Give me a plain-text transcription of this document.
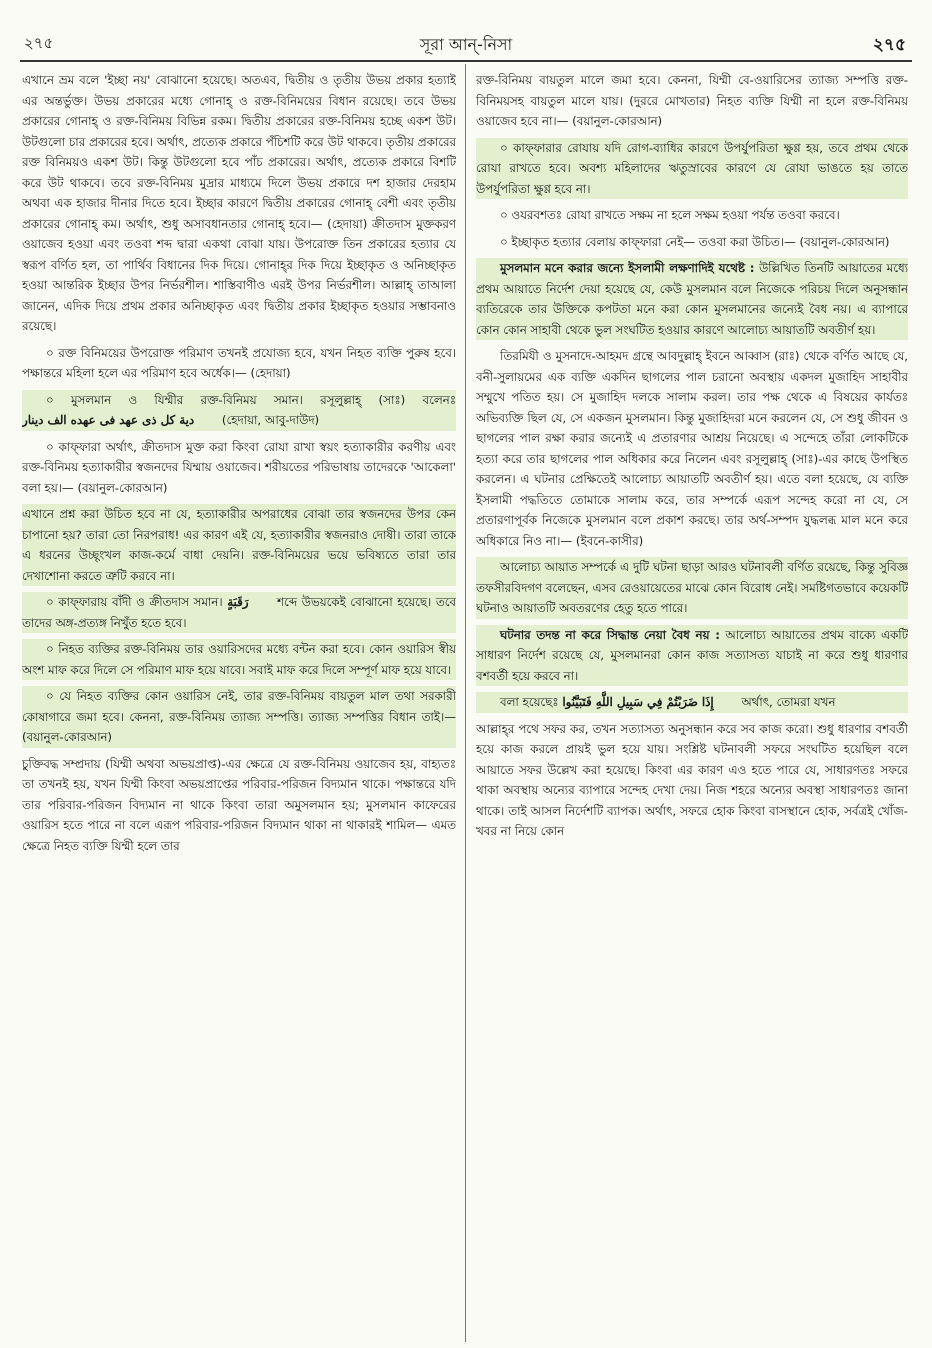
২৭৫	সূরা আন্‌-নিসা	২৭৫

এখানে ভ্রম বলে 'ইচ্ছা নয়' বোঝানো হয়েছে। অতএব, দ্বিতীয় ও তৃতীয় উভয় প্রকার হত্যাই এর অন্তর্ভুক্ত। উভয় প্রকারের মধ্যে গোনাহ্‌ ও রক্ত-বিনিময়ের বিধান রয়েছে। তবে উভয় প্রকারের গোনাহ্‌ ও রক্ত-বিনিময় বিভিন্ন রকম। দ্বিতীয় প্রকারের রক্ত-বিনিময় হচ্ছে একশ উট। উটগুলো চার প্রকারের হবে। অর্থাৎ, প্রত্যেক প্রকারে পঁচিশটি করে উট থাকবে। তৃতীয় প্রকারের রক্ত বিনিময়ও একশ উট। কিন্তু উটগুলো হবে পাঁচ প্রকারের। অর্থাৎ, প্রত্যেক প্রকারে বিশটি করে উট থাকবে। তবে রক্ত-বিনিময় মুদ্রার মাধ্যমে দিলে উভয় প্রকারে দশ হাজার দেরহাম অথবা এক হাজার দীনার দিতে হবে। ইচ্ছার কারণে দ্বিতীয় প্রকারের গোনাহ্‌ বেশী এবং তৃতীয় প্রকারের গোনাহ্‌ কম। অর্থাৎ, শুধু অসাবধানতার গোনাহ্‌ হবে।— (হেদায়া) ক্রীতদাস মুক্তকরণ ওয়াজেব হওয়া এবং তওবা শব্দ দ্বারা একথা বোঝা যায়। উপরোক্ত তিন প্রকারের হত্যার যে স্বরূপ বর্ণিত হল, তা পার্থিব বিধানের দিক দিয়ে। গোনাহ্‌র দিক দিয়ে ইচ্ছাকৃত ও অনিচ্ছাকৃত হওয়া আন্তরিক ইচ্ছার উপর নির্ভরশীল। শাস্তিবাণীও এরই উপর নির্ভরশীল। আল্লাহ্‌ তাআলা জানেন, এদিক দিয়ে প্রথম প্রকার অনিচ্ছাকৃত এবং দ্বিতীয় প্রকার ইচ্ছাকৃত হওয়ার সম্ভাবনাও রয়েছে।

০ রক্ত বিনিময়ের উপরোক্ত পরিমাণ তখনই প্রযোজ্য হবে, যখন নিহত ব্যক্তি পুরুষ হবে। পক্ষান্তরে মহিলা হলে এর পরিমাণ হবে অর্ধেক।— (হেদায়া)

০ মুসলমান ও যিম্মীর রক্ত-বিনিময় সমান। রসূলুল্লাহ্‌ (সাঃ) বলেনঃ دية كل ذى عهد فى عهده الف دينار (হেদায়া, আবু-দাউদ)

০ কাফ্‌ফারা অর্থাৎ, ক্রীতদাস মুক্ত করা কিংবা রোযা রাখা স্বয়ং হত্যাকারীর করণীয় এবং রক্ত-বিনিময় হত্যাকারীর স্বজনদের যিম্মায় ওয়াজেব। শরীয়তের পরিভাষায় তাদেরকে 'আকেলা' বলা হয়।— (বয়ানুল-কোরআন)

এখানে প্রশ্ন করা উচিত হবে না যে, হত্যাকারীর অপরাধের বোঝা তার স্বজনদের উপর কেন চাপানো হয়? তারা তো নিরপরাধ! এর কারণ এই যে, হত্যাকারীর স্বজনরাও দোষী। তারা তাকে এ ধরনের উচ্ছৃংখল কাজ-কর্মে বাধা দেয়নি। রক্ত-বিনিময়ের ভয়ে ভবিষ্যতে তারা তার দেখাশোনা করতে ত্রুটি করবে না।

০ কাফ্‌ফারায় বাঁদী ও ক্রীতদাস সমান। رَقَبَةٍ শব্দে উভয়কেই বোঝানো হয়েছে। তবে তাদের অঙ্গ-প্রত্যঙ্গ নিখুঁত হতে হবে।

০ নিহত ব্যক্তির রক্ত-বিনিময় তার ওয়ারিসদের মধ্যে বন্টন করা হবে। কোন ওয়ারিস স্বীয় অংশ মাফ করে দিলে সে পরিমাণ মাফ হয়ে যাবে। সবাই মাফ করে দিলে সম্পূর্ণ মাফ হয়ে যাবে।

০ যে নিহত ব্যক্তির কোন ওয়ারিস নেই, তার রক্ত-বিনিময় বায়তুল মাল তথা সরকারী কোষাগারে জমা হবে। কেননা, রক্ত-বিনিময় ত্যাজ্য সম্পত্তি। ত্যাজ্য সম্পত্তির বিধান তাই।— (বয়ানুল-কোরআন)

চুক্তিবদ্ধ সম্প্রদায় (যিম্মী অথবা অভয়প্রাপ্ত)-এর ক্ষেত্রে যে রক্ত-বিনিময় ওয়াজেব হয়, বাহ্যতঃ তা তখনই হয়, যখন যিম্মী কিংবা অভয়প্রাপ্তের পরিবার-পরিজন বিদ্যমান থাকে। পক্ষান্তরে যদি তার পরিবার-পরিজন বিদ্যমান না থাকে কিংবা তারা অমুসলমান হয়; মুসলমান কাফেরের ওয়ারিস হতে পারে না বলে এরূপ পরিবার-পরিজন বিদ্যমান থাকা না থাকারই শামিল— এমত ক্ষেত্রে নিহত ব্যক্তি যিম্মী হলে তার

রক্ত-বিনিময় বায়তুল মালে জমা হবে। কেননা, যিম্মী বে-ওয়ারিসের ত্যাজ্য সম্পত্তি রক্ত-বিনিময়সহ বায়তুল মালে যায়। (দুররে মোখতার) নিহত ব্যক্তি যিম্মী না হলে রক্ত-বিনিময় ওয়াজেব হবে না।— (বয়ানুল-কোরআন)

০ কাফ্‌ফারার রোযায় যদি রোগ-ব্যাধির কারণে উপর্যুপরিতা ক্ষুণ্ণ হয়, তবে প্রথম থেকে রোযা রাখতে হবে। অবশ্য মহিলাদের ঋতুস্রাবের কারণে যে রোযা ভাঙতে হয় তাতে উপর্যুপরিতা ক্ষুণ্ণ হবে না।

০ ওযরবশতঃ রোযা রাখতে সক্ষম না হলে সক্ষম হওয়া পর্যন্ত তওবা করবে।

০ ইচ্ছাকৃত হত্যার বেলায় কাফ্‌ফারা নেই— তওবা করা উচিত।— (বয়ানুল-কোরআন)

মুসলমান মনে করার জন্যে ইসলামী লক্ষণাদিই যথেষ্ট : উল্লিখিত তিনটি আয়াতের মধ্যে প্রথম আয়াতে নির্দেশ দেয়া হয়েছে যে, কেউ মুসলমান বলে নিজেকে পরিচয় দিলে অনুসন্ধান ব্যতিরেকে তার উক্তিকে কপটতা মনে করা কোন মুসলমানের জন্যেই বৈধ নয়। এ ব্যাপারে কোন কোন সাহাবী থেকে ভুল সংঘটিত হওয়ার কারণে আলোচ্য আয়াতটি অবতীর্ণ হয়।

তিরমিযী ও মুসনাদে-আহমদ গ্রন্থে আবদুল্লাহ্‌ ইবনে আব্বাস (রাঃ) থেকে বর্ণিত আছে যে, বনী-সুলায়মের এক ব্যক্তি একদিন ছাগলের পাল চরানো অবস্থায় একদল মুজাহিদ সাহাবীর সম্মুখে পতিত হয়। সে মুজাহিদ দলকে সালাম করল। তার পক্ষ থেকে এ বিষয়ের কার্যতঃ অভিব্যক্তি ছিল যে, সে একজন মুসলমান। কিন্তু মুজাহিদরা মনে করলেন যে, সে শুধু জীবন ও ছাগলের পাল রক্ষা করার জন্যেই এ প্রতারণার আশ্রয় নিয়েছে। এ সন্দেহে তাঁরা লোকটিকে হত্যা করে তার ছাগলের পাল অধিকার করে নিলেন এবং রসূলুল্লাহ্‌ (সাঃ)-এর কাছে উপস্থিত করলেন। এ ঘটনার প্রেক্ষিতেই আলোচ্য আয়াতটি অবতীর্ণ হয়। এতে বলা হয়েছে, যে ব্যক্তি ইসলামী পদ্ধতিতে তোমাকে সালাম করে, তার সম্পর্কে এরূপ সন্দেহ করো না যে, সে প্রতারণাপূর্বক নিজেকে মুসলমান বলে প্রকাশ করছে। তার অর্থ-সম্পদ যুদ্ধলব্ধ মাল মনে করে অধিকারে নিও না।— (ইবনে-কাসীর)

আলোচ্য আয়াত সম্পর্কে এ দুটি ঘটনা ছাড়া আরও ঘটনাবলী বর্ণিত রয়েছে, কিন্তু সুবিজ্ঞ তফসীরবিদগণ বলেছেন, এসব রেওয়ায়েতের মাঝে কোন বিরোধ নেই। সমষ্টিগতভাবে কয়েকটি ঘটনাও আয়াতটি অবতরণের হেতু হতে পারে।

ঘটনার তদন্ত না করে সিদ্ধান্ত নেয়া বৈধ নয় : আলোচ্য আয়াতের প্রথম বাক্যে একটি সাধারণ নির্দেশ রয়েছে যে, মুসলমানরা কোন কাজ সত্যাসত্য যাচাই না করে শুধু ধারণার বশবর্তী হয়ে করবে না।

বলা হয়েছেঃ إِذَا ضَرَبْتُمْ فِي سَبِيلِ اللَّهِ فَتَبَيَّنُوا অর্থাৎ, তোমরা যখন

আল্লাহ্‌র পথে সফর কর, তখন সত্যাসত্য অনুসন্ধান করে সব কাজ করো। শুধু ধারণার বশবর্তী হয়ে কাজ করলে প্রায়ই ভুল হয়ে যায়। সংশ্লিষ্ট ঘটনাবলী সফরে সংঘটিত হয়েছিল বলে আয়াতে সফর উল্লেখ করা হয়েছে। কিংবা এর কারণ এও হতে পারে যে, সাধারণতঃ সফরে থাকা অবস্থায় অন্যের ব্যাপারে সন্দেহ দেখা দেয়। নিজ শহরে অন্যের অবস্থা সাধারণতঃ জানা থাকে। তাই আসল নির্দেশটি ব্যাপক। অর্থাৎ, সফরে হোক কিংবা বাসস্থানে হোক, সর্বত্রই খোঁজ-খবর না নিয়ে কোন
